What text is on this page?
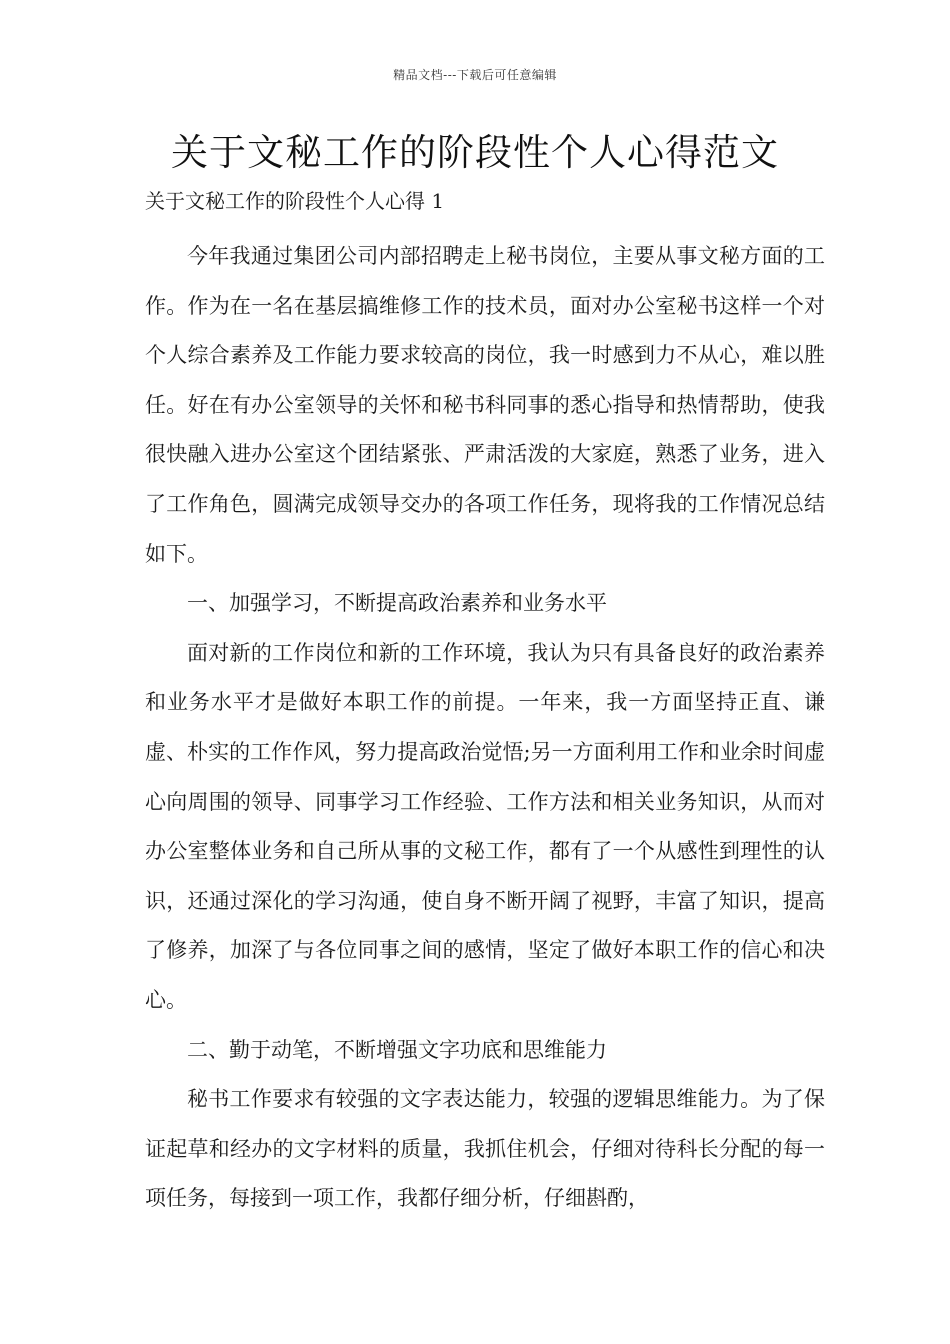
精品文档---下载后可任意编辑
关于文秘工作的阶段性个人心得范文
关于文秘工作的阶段性个人心得 1

今年我通过集团公司内部招聘走上秘书岗位，主要从事文秘方面的工作。作为在一名在基层搞维修工作的技术员，面对办公室秘书这样一个对个人综合素养及工作能力要求较高的岗位，我一时感到力不从心，难以胜任。好在有办公室领导的关怀和秘书科同事的悉心指导和热情帮助，使我很快融入进办公室这个团结紧张、严肃活泼的大家庭，熟悉了业务，进入了工作角色，圆满完成领导交办的各项工作任务，现将我的工作情况总结如下。

一、加强学习，不断提高政治素养和业务水平

面对新的工作岗位和新的工作环境，我认为只有具备良好的政治素养和业务水平才是做好本职工作的前提。一年来，我一方面坚持正直、谦虚、朴实的工作作风，努力提高政治觉悟;另一方面利用工作和业余时间虚心向周围的领导、同事学习工作经验、工作方法和相关业务知识，从而对办公室整体业务和自己所从事的文秘工作，都有了一个从感性到理性的认识，还通过深化的学习沟通，使自身不断开阔了视野，丰富了知识，提高了修养，加深了与各位同事之间的感情，坚定了做好本职工作的信心和决心。

二、勤于动笔，不断增强文字功底和思维能力

秘书工作要求有较强的文字表达能力，较强的逻辑思维能力。为了保证起草和经办的文字材料的质量，我抓住机会，仔细对待科长分配的每一项任务，每接到一项工作，我都仔细分析，仔细斟酌，
